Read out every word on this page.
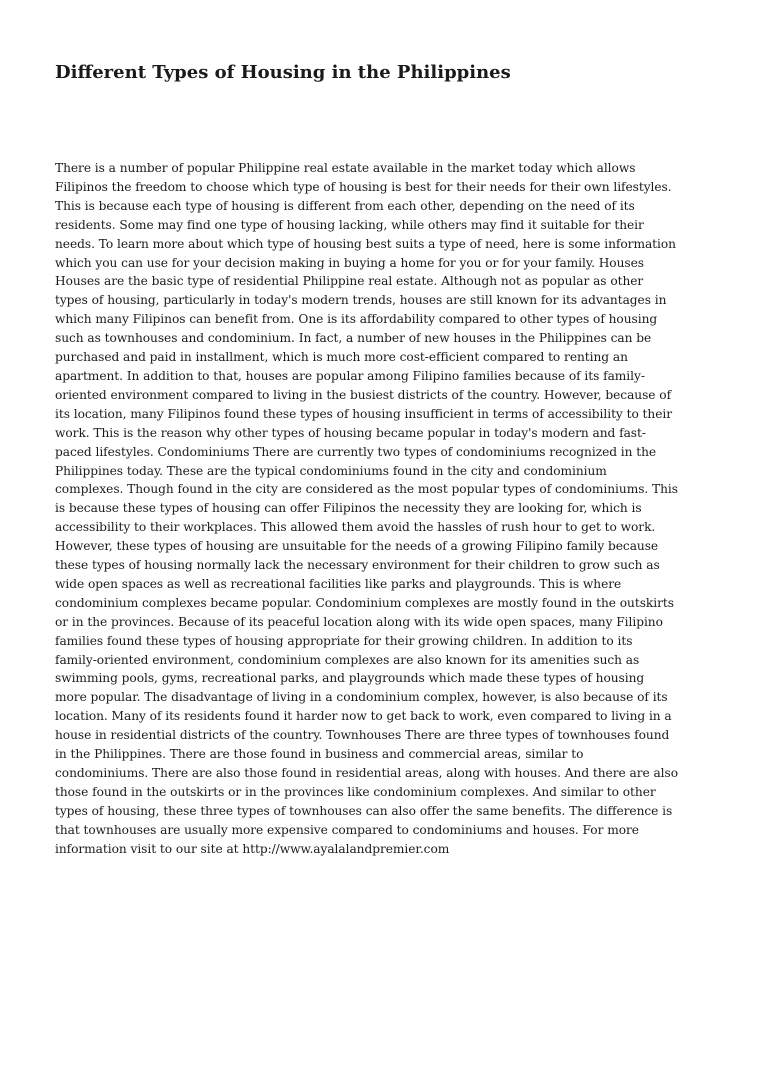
Different Types of Housing in the Philippines
There is a number of popular Philippine real estate available in the market today which allows
Filipinos the freedom to choose which type of housing is best for their needs for their own lifestyles.
This is because each type of housing is different from each other, depending on the need of its
residents. Some may find one type of housing lacking, while others may find it suitable for their
needs. To learn more about which type of housing best suits a type of need, here is some information
which you can use for your decision making in buying a home for you or for your family. Houses
Houses are the basic type of residential Philippine real estate. Although not as popular as other
types of housing, particularly in today's modern trends, houses are still known for its advantages in
which many Filipinos can benefit from. One is its affordability compared to other types of housing
such as townhouses and condominium. In fact, a number of new houses in the Philippines can be
purchased and paid in installment, which is much more cost-efficient compared to renting an
apartment. In addition to that, houses are popular among Filipino families because of its family-
oriented environment compared to living in the busiest districts of the country. However, because of
its location, many Filipinos found these types of housing insufficient in terms of accessibility to their
work. This is the reason why other types of housing became popular in today's modern and fast-
paced lifestyles. Condominiums There are currently two types of condominiums recognized in the
Philippines today. These are the typical condominiums found in the city and condominium
complexes. Though found in the city are considered as the most popular types of condominiums. This
is because these types of housing can offer Filipinos the necessity they are looking for, which is
accessibility to their workplaces. This allowed them avoid the hassles of rush hour to get to work.
However, these types of housing are unsuitable for the needs of a growing Filipino family because
these types of housing normally lack the necessary environment for their children to grow such as
wide open spaces as well as recreational facilities like parks and playgrounds. This is where
condominium complexes became popular. Condominium complexes are mostly found in the outskirts
or in the provinces. Because of its peaceful location along with its wide open spaces, many Filipino
families found these types of housing appropriate for their growing children. In addition to its
family-oriented environment, condominium complexes are also known for its amenities such as
swimming pools, gyms, recreational parks, and playgrounds which made these types of housing
more popular. The disadvantage of living in a condominium complex, however, is also because of its
location. Many of its residents found it harder now to get back to work, even compared to living in a
house in residential districts of the country. Townhouses There are three types of townhouses found
in the Philippines. There are those found in business and commercial areas, similar to
condominiums. There are also those found in residential areas, along with houses. And there are also
those found in the outskirts or in the provinces like condominium complexes. And similar to other
types of housing, these three types of townhouses can also offer the same benefits. The difference is
that townhouses are usually more expensive compared to condominiums and houses. For more
information visit to our site at http://www.ayalalandpremier.com
